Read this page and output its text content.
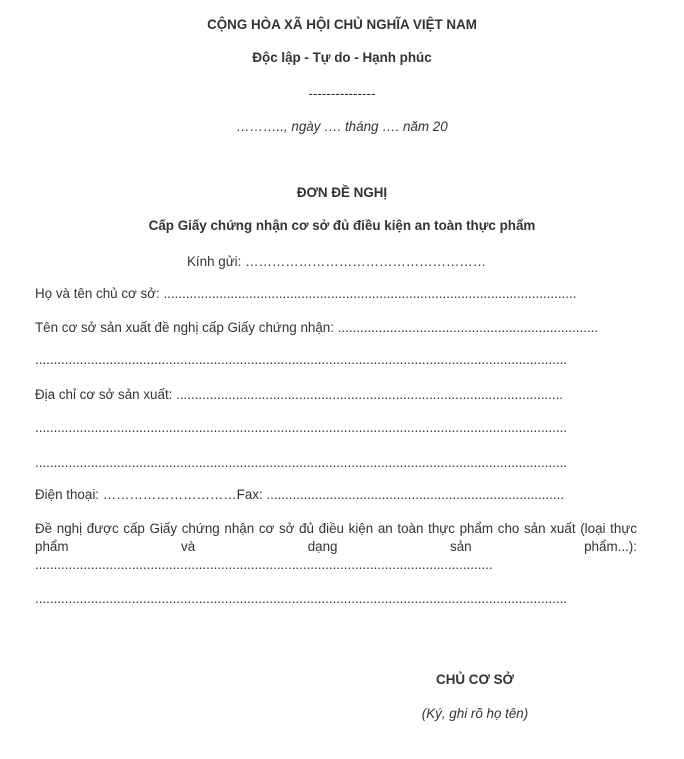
CỘNG HÒA XÃ HỘI CHỦ NGHĨA VIỆT NAM
Độc lập - Tự do - Hạnh phúc
---------------
……….., ngày …. tháng …. năm 20
ĐƠN ĐỀ NGHỊ
Cấp Giấy chứng nhận cơ sở đủ điều kiện an toàn thực phẩm
Kính gửi: ………………………………………………
Họ và tên chủ cơ sở: ...............................................................................................................
Tên cơ sở sản xuất đề nghị cấp Giấy chứng nhận: ......................................................................
...............................................................................................................................................
Địa chỉ cơ sở sản xuất: ........................................................................................................
...............................................................................................................................................
...............................................................................................................................................
Điện thoại: …………………………Fax: ................................................................................
Đề nghị được cấp Giấy chứng nhận cơ sở đủ điều kiện an toàn thực phẩm cho sản xuất (loại thực
phẩm	và	dạng	sản	phẩm...):
...........................................................................................................................
...............................................................................................................................................
CHỦ CƠ SỞ
(Ký, ghi rõ họ tên)
